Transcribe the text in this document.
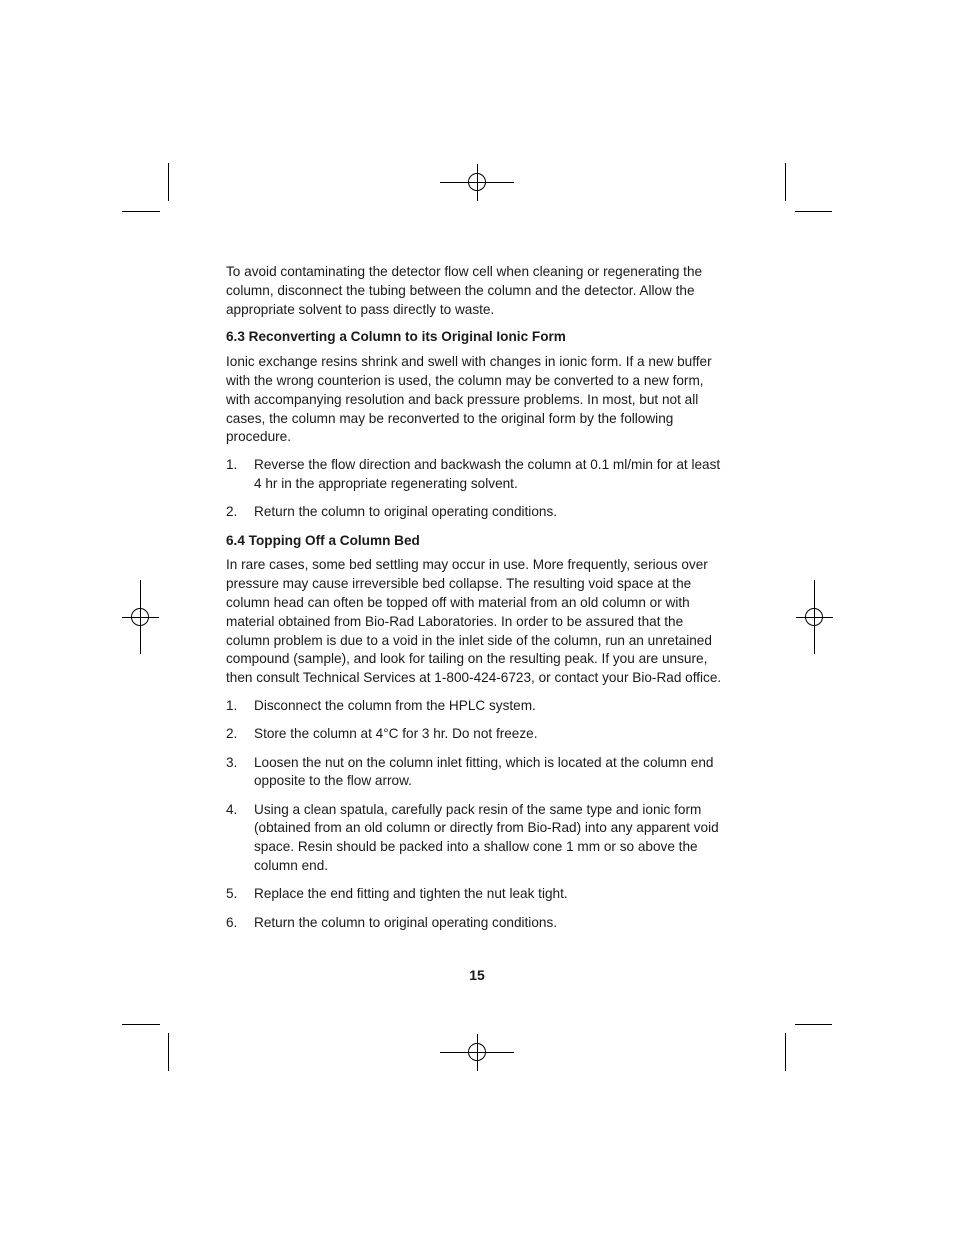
To avoid contaminating the detector flow cell when cleaning or regenerating the column, disconnect the tubing between the column and the detector. Allow the appropriate solvent to pass directly to waste.

6.3 Reconverting a Column to its Original Ionic Form

Ionic exchange resins shrink and swell with changes in ionic form. If a new buffer with the wrong counterion is used, the column may be converted to a new form, with accompanying resolution and back pressure problems. In most, but not all cases, the column may be reconverted to the original form by the following procedure.

1. Reverse the flow direction and backwash the column at 0.1 ml/min for at least 4 hr in the appropriate regenerating solvent.
2. Return the column to original operating conditions.
6.4 Topping Off a Column Bed

In rare cases, some bed settling may occur in use. More frequently, serious over pressure may cause irreversible bed collapse. The resulting void space at the column head can often be topped off with material from an old column or with material obtained from Bio-Rad Laboratories. In order to be assured that the column problem is due to a void in the inlet side of the column, run an unretained compound (sample), and look for tailing on the resulting peak. If you are unsure, then consult Technical Services at 1-800-424-6723, or contact your Bio-Rad office.

1. Disconnect the column from the HPLC system.
2. Store the column at 4°C for 3 hr. Do not freeze.
3. Loosen the nut on the column inlet fitting, which is located at the column end opposite to the flow arrow.
4. Using a clean spatula, carefully pack resin of the same type and ionic form (obtained from an old column or directly from Bio-Rad) into any apparent void space. Resin should be packed into a shallow cone 1 mm or so above the column end.
5. Replace the end fitting and tighten the nut leak tight.
6. Return the column to original operating conditions.
15
